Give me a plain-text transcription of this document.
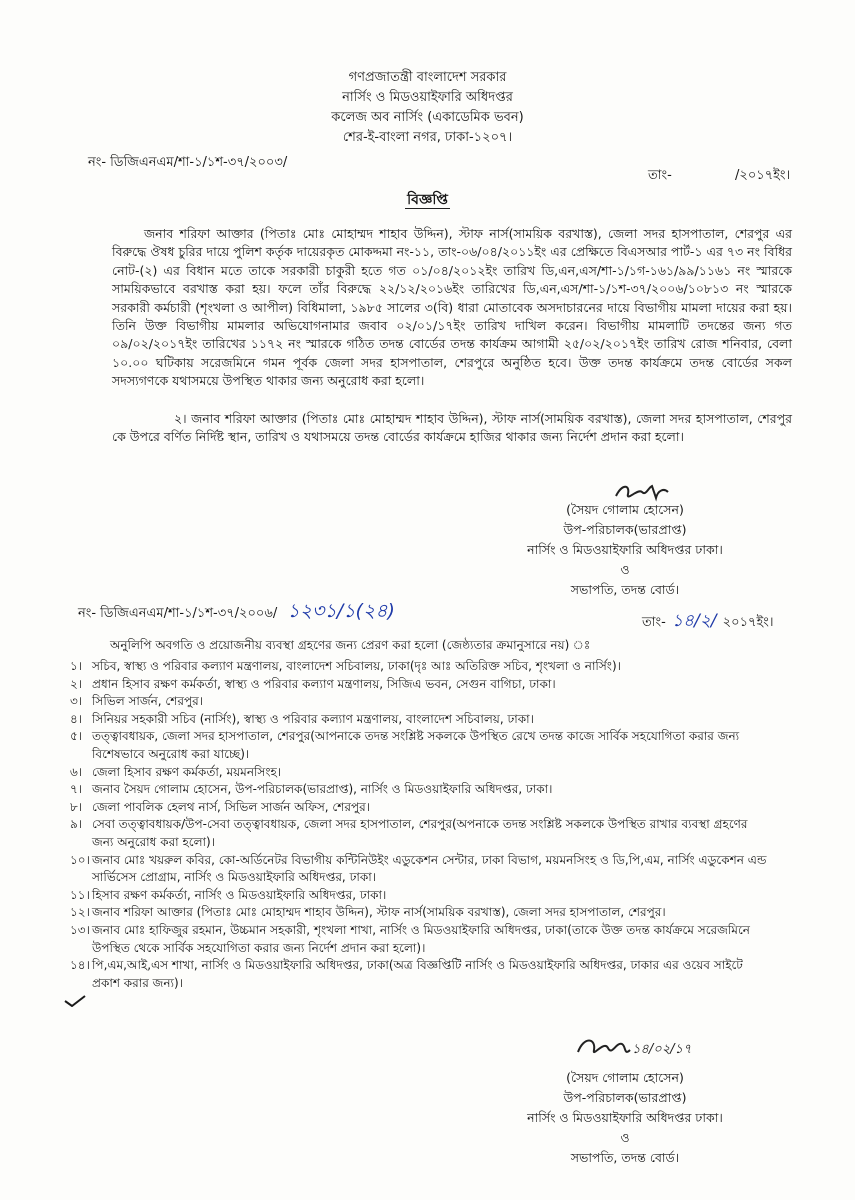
গণপ্রজাতন্ত্রী বাংলাদেশ সরকার
নার্সিং ও মিডওয়াইফারি অধিদপ্তর
কলেজ অব নার্সিং (একাডেমিক ভবন)
শের-ই-বাংলা নগর, ঢাকা-১২০৭।
নং- ডিজিএনএম/শা-১/১শ-৩৭/২০০৩/
তাং-	/২০১৭ইং।
বিজ্ঞপ্তি
জনাব শরিফা আক্তার (পিতাঃ মোঃ মোহাম্মদ শাহাব উদ্দিন), স্টাফ নার্স(সাময়িক বরখাস্ত), জেলা সদর হাসপাতাল, শেরপুর এর বিরুদ্ধে ঔষধ চুরির দায়ে পুলিশ কর্তৃক দায়েরকৃত মোকদ্দমা নং-১১, তাং-০৬/০৪/২০১১ইং এর প্রেক্ষিতে বিএসআর পার্ট-১ এর ৭৩ নং বিধির নোট-(২) এর বিধান মতে তাকে সরকারী চাকুরী হতে গত ০১/০৪/২০১২ইং তারিখ ডি,এন,এস/শা-১/১গ-১৬১/৯৯/১১৬১ নং স্মারকে সাময়িকভাবে বরখাস্ত করা হয়। ফলে তাঁর বিরুদ্ধে ২২/১২/২০১৬ইং তারিখের ডি,এন,এস/শা-১/১শ-৩৭/২০০৬/১০৮১৩ নং স্মারকে সরকারী কর্মচারী (শৃংখলা ও আপীল) বিধিমালা, ১৯৮৫ সালের ৩(বি) ধারা মোতাবেক অসদাচারনের দায়ে বিভাগীয় মামলা দায়ের করা হয়। তিনি উক্ত বিভাগীয় মামলার অভিযোগনামার জবাব ০২/০১/১৭ইং তারিখ দাখিল করেন। বিভাগীয় মামলাটি তদন্তের জন্য গত ০৯/০২/২০১৭ইং তারিখের ১১৭২ নং স্মারকে গঠিত তদন্ত বোর্ডের তদন্ত কার্যক্রম আগামী ২৫/০২/২০১৭ইং তারিখ রোজ শনিবার, বেলা ১০.০০ ঘটিকায় সরেজমিনে গমন পূর্বক জেলা সদর হাসপাতাল, শেরপুরে অনুষ্ঠিত হবে। উক্ত তদন্ত কার্যক্রমে তদন্ত বোর্ডের সকল সদস্যগণকে যথাসময়ে উপস্থিত থাকার জন্য অনুরোধ করা হলো।
২। জনাব শরিফা আক্তার (পিতাঃ মোঃ মোহাম্মদ শাহাব উদ্দিন), স্টাফ নার্স(সাময়িক বরখাস্ত), জেলা সদর হাসপাতাল, শেরপুর কে উপরে বর্ণিত নির্দিষ্ট স্থান, তারিখ ও যথাসময়ে তদন্ত বোর্ডের কার্যক্রমে হাজির থাকার জন্য নির্দেশ প্রদান করা হলো।
(সৈয়দ গোলাম হোসেন)
উপ-পরিচালক(ভারপ্রাপ্ত)
নার্সিং ও মিডওয়াইফারি অধিদপ্তর ঢাকা।
ও
সভাপতি, তদন্ত বোর্ড।
নং- ডিজিএনএম/শা-১/১শ-৩৭/২০০৬/ ১২৩১/১(২৪)
তাং- ১৪/২/ ২০১৭ইং।
অনুলিপি অবগতি ও প্রয়োজনীয় ব্যবস্থা গ্রহণের জন্য প্রেরণ করা হলো (জেষ্ঠ্যতার ক্রমানুসারে নয়) ঃ
১। সচিব, স্বাস্থ্য ও পরিবার কল্যাণ মন্ত্রণালয়, বাংলাদেশ সচিবালয়, ঢাকা(দৃঃ আঃ অতিরিক্ত সচিব, শৃংখলা ও নার্সিং)।
২। প্রধান হিসাব রক্ষণ কর্মকর্তা, স্বাস্থ্য ও পরিবার কল্যাণ মন্ত্রণালয়, সিজিএ ভবন, সেগুন বাগিচা, ঢাকা।
৩। সিভিল সার্জন, শেরপুর।
৪। সিনিয়র সহকারী সচিব (নার্সিং), স্বাস্থ্য ও পরিবার কল্যাণ মন্ত্রণালয়, বাংলাদেশ সচিবালয়, ঢাকা।
৫। তত্ত্বাবধায়ক, জেলা সদর হাসপাতাল, শেরপুর(আপনাকে তদন্ত সংশ্লিষ্ট সকলকে উপস্থিত রেখে তদন্ত কাজে সার্বিক সহযোগিতা করার জন্য বিশেষভাবে অনুরোধ করা যাচ্ছে)।
৬। জেলা হিসাব রক্ষণ কর্মকর্তা, ময়মনসিংহ।
৭। জনাব সৈয়দ গোলাম হোসেন, উপ-পরিচালক(ভারপ্রাপ্ত), নার্সিং ও মিডওয়াইফারি অধিদপ্তর, ঢাকা।
৮। জেলা পাবলিক হেলথ নার্স, সিভিল সার্জন অফিস, শেরপুর।
৯। সেবা তত্ত্বাবধায়ক/উপ-সেবা তত্ত্বাবধায়ক, জেলা সদর হাসপাতাল, শেরপুর(অপনাকে তদন্ত সংশ্লিষ্ট সকলকে উপস্থিত রাখার ব্যবস্থা গ্রহণের জন্য অনুরোধ করা হলো)।
১০। জনাব মোঃ খয়রুল কবির, কো-অর্ডিনেটর বিভাগীয় কন্টিনিউইং এডুকেশন সেন্টার, ঢাকা বিভাগ, ময়মনসিংহ ও ডি,পি,এম, নার্সিং এডুকেশন এন্ড সার্ভিসেস প্রোগ্রাম, নার্সিং ও মিডওয়াইফারি অধিদপ্তর, ঢাকা।
১১। হিসাব রক্ষণ কর্মকর্তা, নার্সিং ও মিডওয়াইফারি অধিদপ্তর, ঢাকা।
১২। জনাব শরিফা আক্তার (পিতাঃ মোঃ মোহাম্মদ শাহাব উদ্দিন), স্টাফ নার্স(সাময়িক বরখাস্ত), জেলা সদর হাসপাতাল, শেরপুর।
১৩। জনাব মোঃ হাফিজুর রহমান, উচ্চমান সহকারী, শৃংখলা শাখা, নার্সিং ও মিডওয়াইফারি অধিদপ্তর, ঢাকা(তাকে উক্ত তদন্ত কার্যক্রমে সরেজমিনে উপস্থিত থেকে সার্বিক সহযোগিতা করার জন্য নির্দেশ প্রদান করা হলো)।
১৪। পি,এম,আই,এস শাখা, নার্সিং ও মিডওয়াইফারি অধিদপ্তর, ঢাকা(অত্র বিজ্ঞপ্তিটি নার্সিং ও মিডওয়াইফারি অধিদপ্তর, ঢাকার এর ওয়েব সাইটে প্রকাশ করার জন্য)।
১৪/০২/১৭
(সৈয়দ গোলাম হোসেন)
উপ-পরিচালক(ভারপ্রাপ্ত)
নার্সিং ও মিডওয়াইফারি অধিদপ্তর ঢাকা।
ও
সভাপতি, তদন্ত বোর্ড।
